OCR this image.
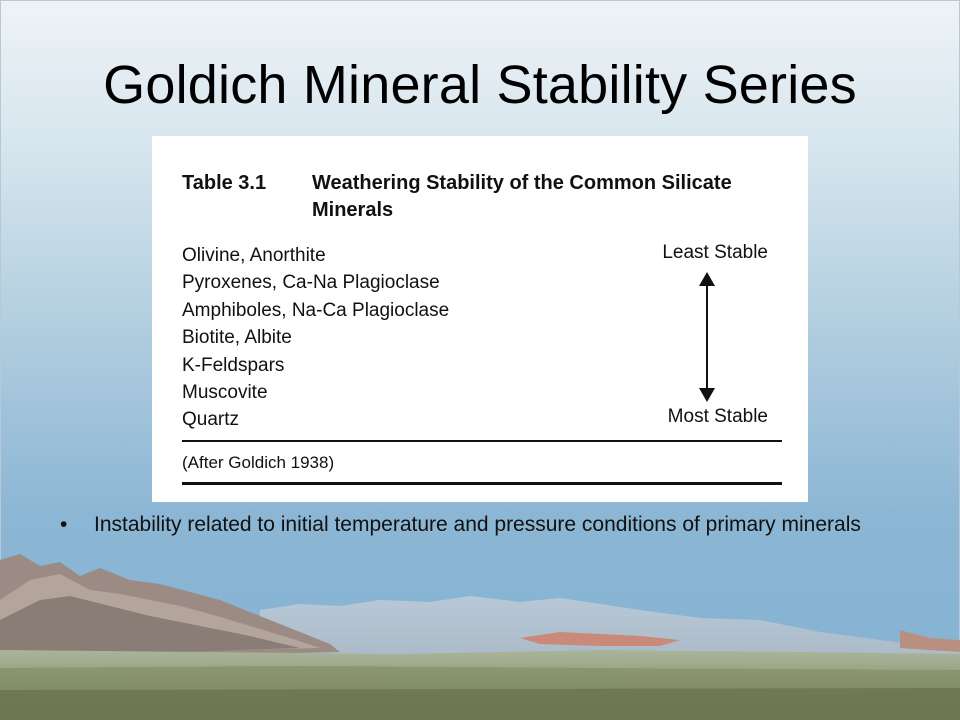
Goldich Mineral Stability Series
Table 3.1 Weathering Stability of the Common Silicate Minerals
Olivine, Anorthite
Pyroxenes, Ca-Na Plagioclase
Amphiboles, Na-Ca Plagioclase
Biotite, Albite
K-Feldspars
Muscovite
Quartz
Least Stable
Most Stable
(After Goldich 1938)
•	Instability related to initial temperature and pressure conditions of primary minerals
